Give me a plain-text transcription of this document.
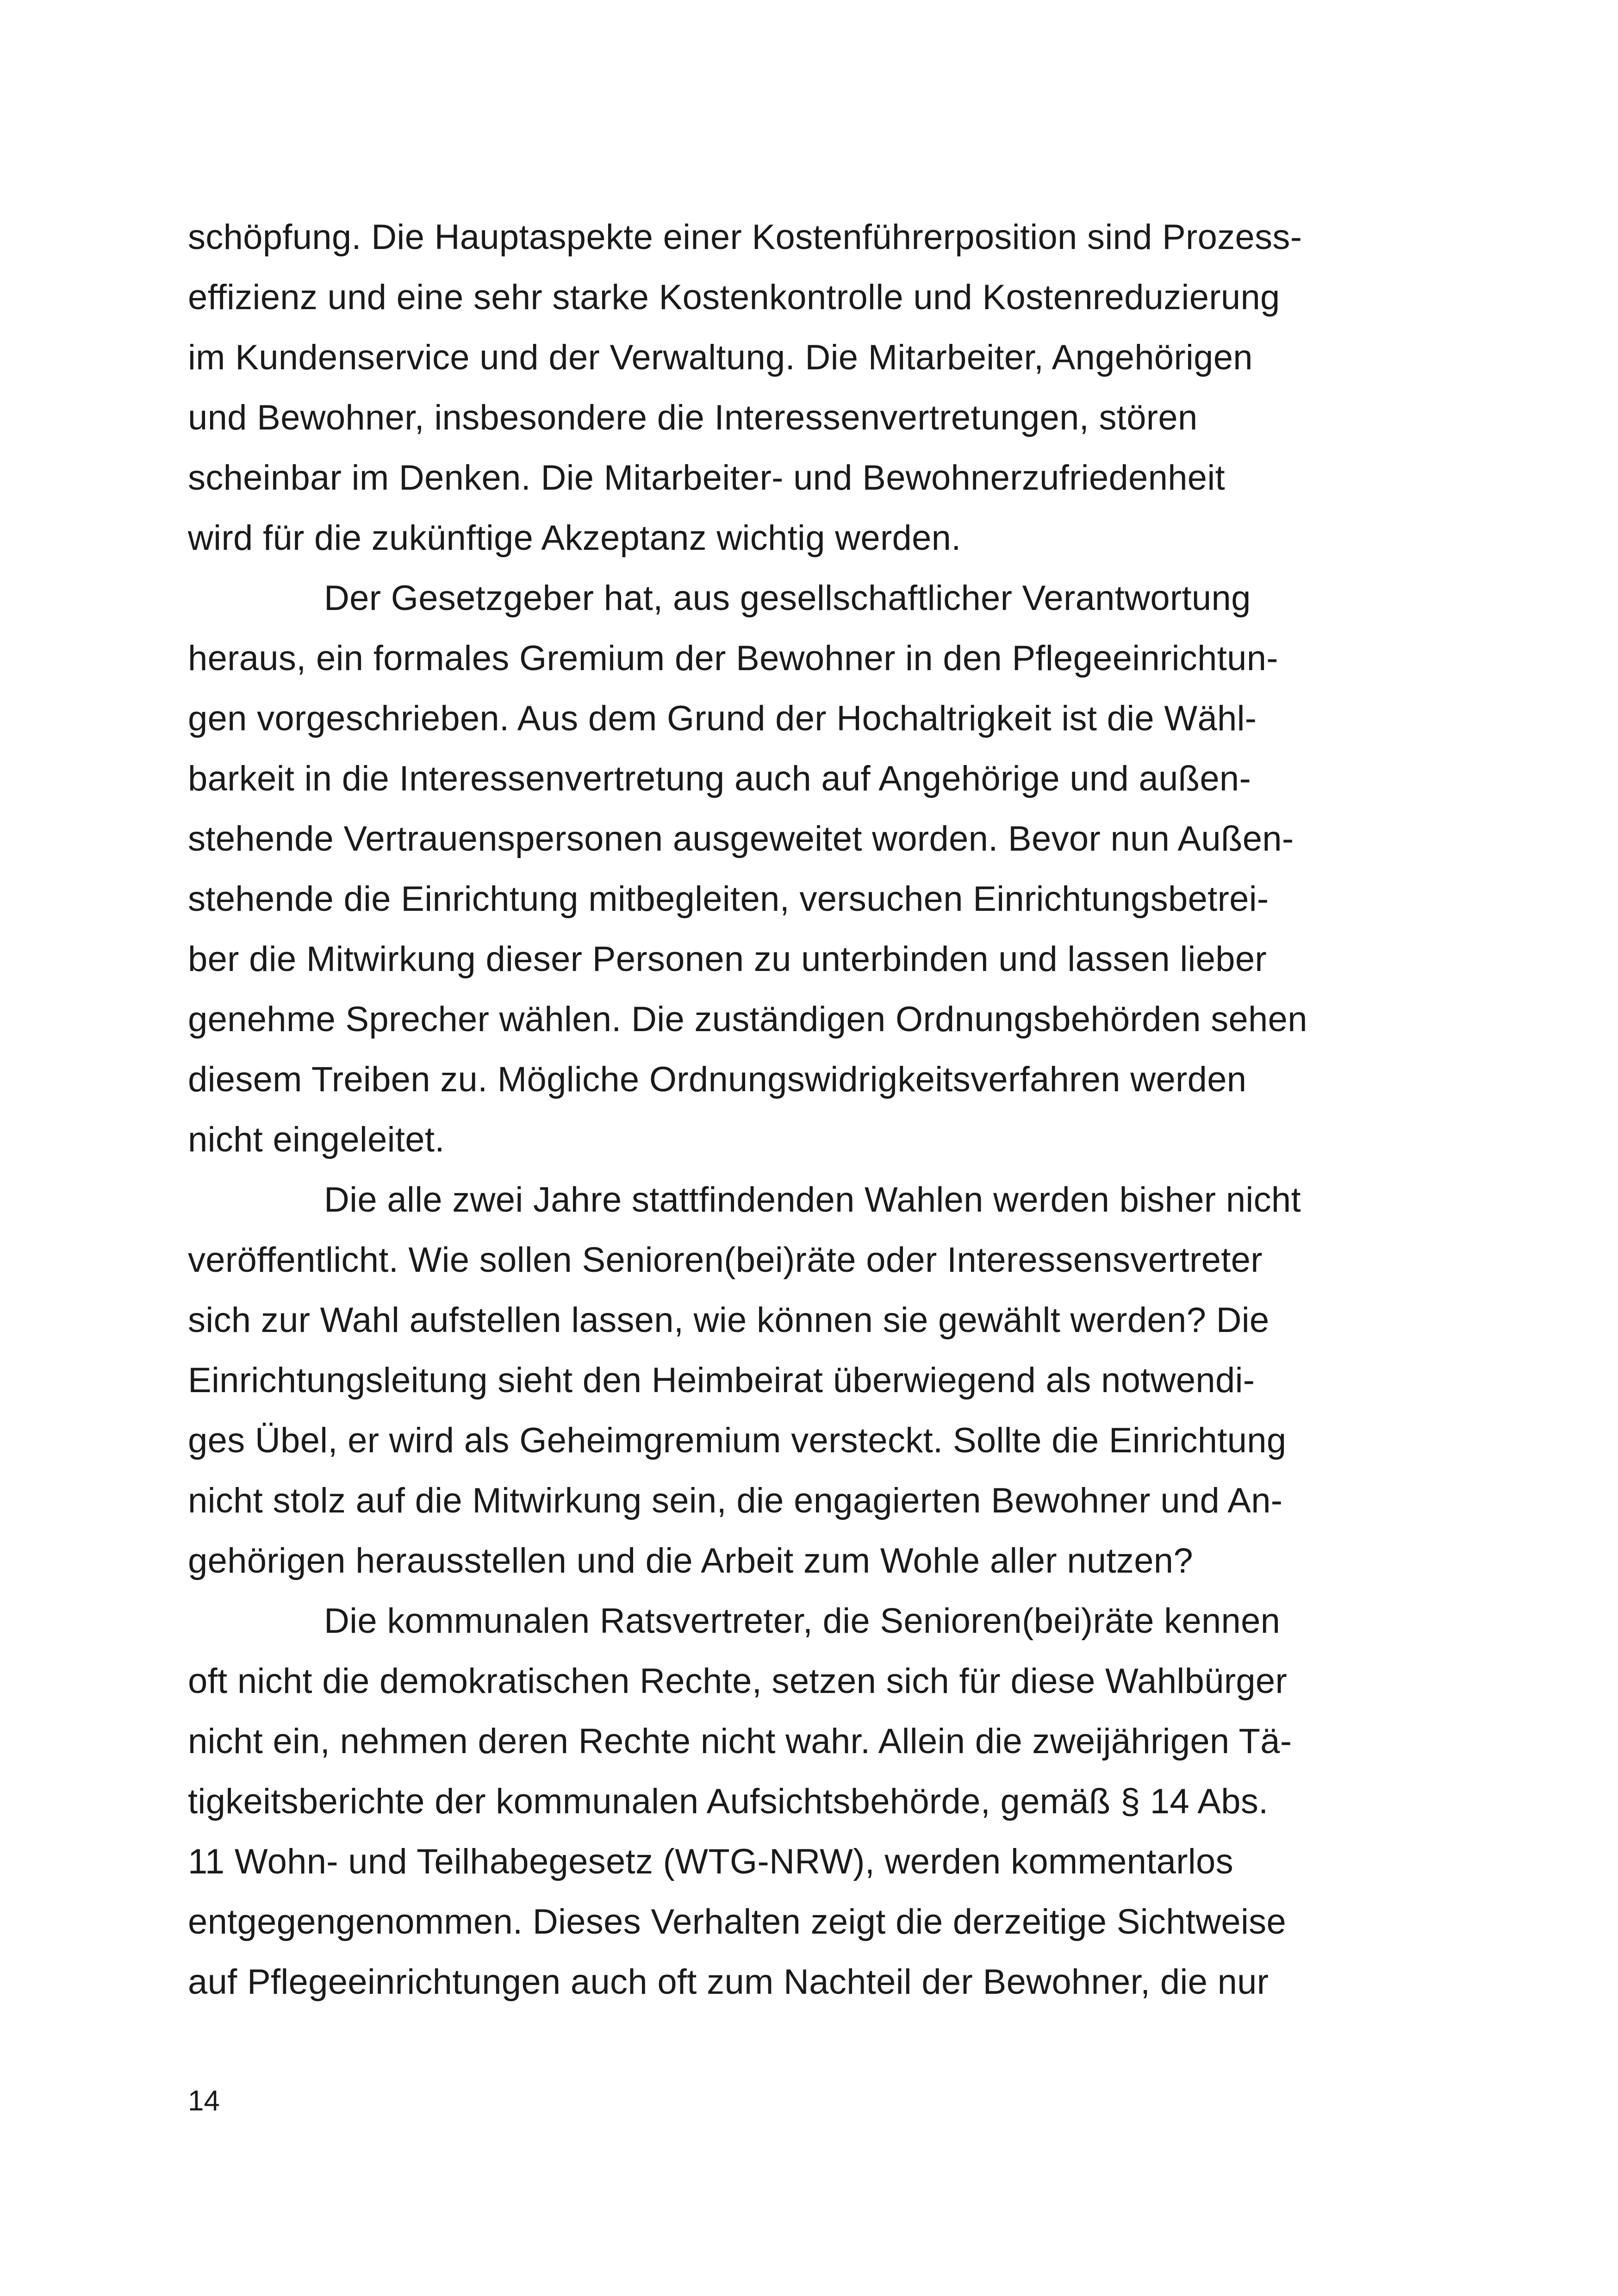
schöpfung. Die Hauptaspekte einer Kostenführerposition sind Prozess-
effizienz und eine sehr starke Kostenkontrolle und Kostenreduzierung
im Kundenservice und der Verwaltung. Die Mitarbeiter, Angehörigen
und Bewohner, insbesondere die Interessenvertretungen, stören
scheinbar im Denken. Die Mitarbeiter- und Bewohnerzufriedenheit
wird für die zukünftige Akzeptanz wichtig werden.
Der Gesetzgeber hat, aus gesellschaftlicher Verantwortung
heraus, ein formales Gremium der Bewohner in den Pflegeeinrichtun-
gen vorgeschrieben. Aus dem Grund der Hochaltrigkeit ist die Wähl-
barkeit in die Interessenvertretung auch auf Angehörige und außen-
stehende Vertrauenspersonen ausgeweitet worden. Bevor nun Außen-
stehende die Einrichtung mitbegleiten, versuchen Einrichtungsbetrei-
ber die Mitwirkung dieser Personen zu unterbinden und lassen lieber
genehme Sprecher wählen. Die zuständigen Ordnungsbehörden sehen
diesem Treiben zu. Mögliche Ordnungswidrigkeitsverfahren werden
nicht eingeleitet.
Die alle zwei Jahre stattfindenden Wahlen werden bisher nicht
veröffentlicht. Wie sollen Senioren(bei)räte oder Interessensvertreter
sich zur Wahl aufstellen lassen, wie können sie gewählt werden? Die
Einrichtungsleitung sieht den Heimbeirat überwiegend als notwendi-
ges Übel, er wird als Geheimgremium versteckt. Sollte die Einrichtung
nicht stolz auf die Mitwirkung sein, die engagierten Bewohner und An-
gehörigen herausstellen und die Arbeit zum Wohle aller nutzen?
Die kommunalen Ratsvertreter, die Senioren(bei)räte kennen
oft nicht die demokratischen Rechte, setzen sich für diese Wahlbürger
nicht ein, nehmen deren Rechte nicht wahr. Allein die zweijährigen Tä-
tigkeitsberichte der kommunalen Aufsichtsbehörde, gemäß § 14 Abs.
11 Wohn- und Teilhabegesetz (WTG-NRW), werden kommentarlos
entgegengenommen. Dieses Verhalten zeigt die derzeitige Sichtweise
auf Pflegeeinrichtungen auch oft zum Nachteil der Bewohner, die nur
14
